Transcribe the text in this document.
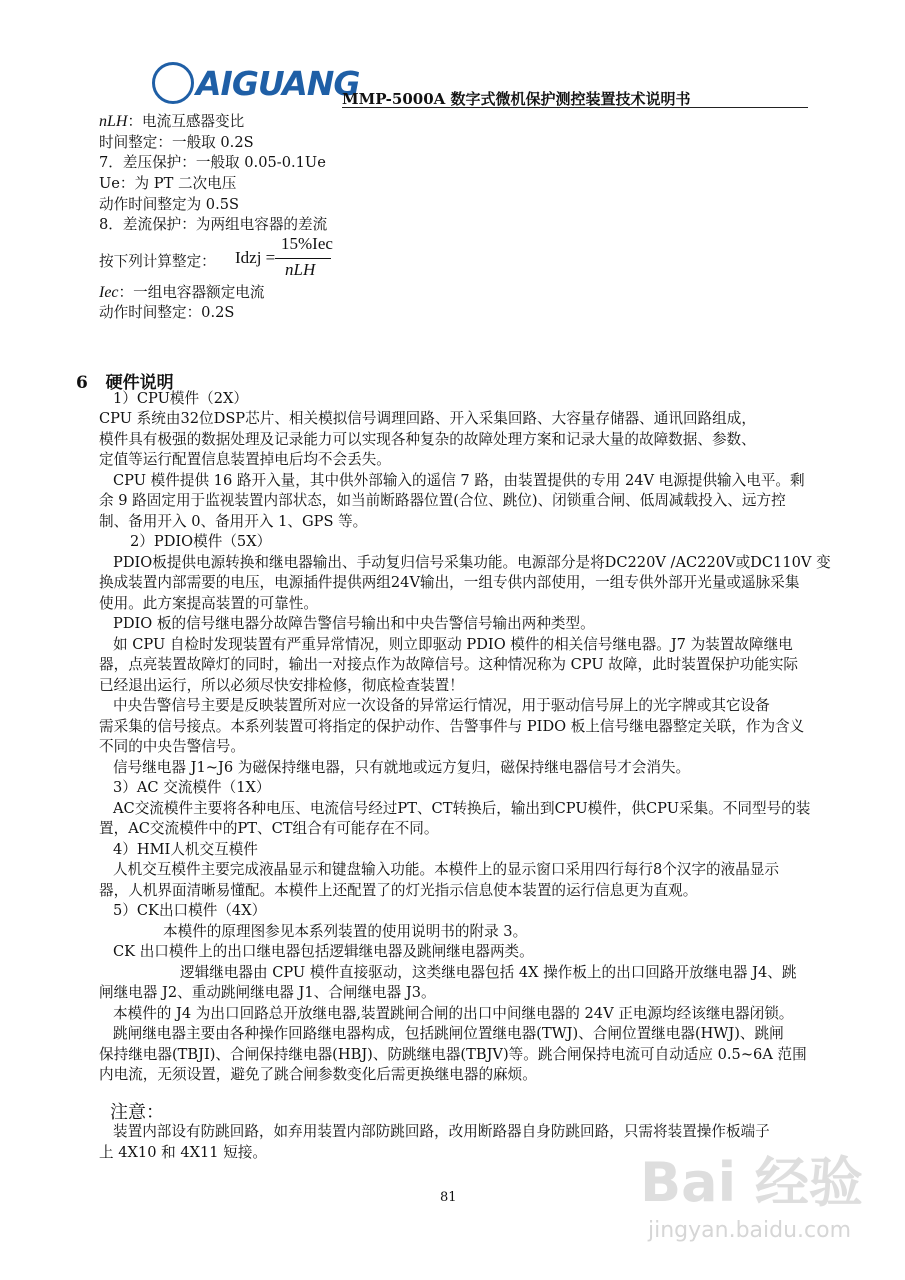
AIGUANG
MMP-5000A 数字式微机保护测控装置技术说明书
nLH：电流互感器变比
时间整定：一般取 0.2S
7．差压保护：一般取 0.05-0.1Ue
Ue：为 PT 二次电压
动作时间整定为 0.5S
8．差流保护：为两组电容器的差流
按下列计算整定： Idzj =
15%Iec
nLH
Iec：一组电容器额定电流
动作时间整定：0.2S
6 硬件说明
1）CPU模件（2X）
CPU 系统由32位DSP芯片、相关模拟信号调理回路、开入采集回路、大容量存储器、通讯回路组成，
模件具有极强的数据处理及记录能力可以实现各种复杂的故障处理方案和记录大量的故障数据、参数、
定值等运行配置信息装置掉电后均不会丢失。
CPU 模件提供 16 路开入量，其中供外部输入的遥信 7 路，由装置提供的专用 24V 电源提供输入电平。剩
余 9 路固定用于监视装置内部状态，如当前断路器位置(合位、跳位)、闭锁重合闸、低周减载投入、远方控
制、备用开入 0、备用开入 1、GPS 等。
2）PDIO模件（5X）
PDIO板提供电源转换和继电器输出、手动复归信号采集功能。电源部分是将DC220V /AC220V或DC110V 变
换成装置内部需要的电压，电源插件提供两组24V输出，一组专供内部使用，一组专供外部开光量或遥脉采集
使用。此方案提高装置的可靠性。
PDIO 板的信号继电器分故障告警信号输出和中央告警信号输出两种类型。
如 CPU 自检时发现装置有严重异常情况，则立即驱动 PDIO 模件的相关信号继电器。J7 为装置故障继电
器，点亮装置故障灯的同时，输出一对接点作为故障信号。这种情况称为 CPU 故障，此时装置保护功能实际
已经退出运行，所以必须尽快安排检修，彻底检查装置！
中央告警信号主要是反映装置所对应一次设备的异常运行情况，用于驱动信号屏上的光字牌或其它设备
需采集的信号接点。本系列装置可将指定的保护动作、告警事件与 PIDO 板上信号继电器整定关联，作为含义
不同的中央告警信号。
信号继电器 J1~J6 为磁保持继电器，只有就地或远方复归，磁保持继电器信号才会消失。
3）AC 交流模件（1X）
AC交流模件主要将各种电压、电流信号经过PT、CT转换后，输出到CPU模件，供CPU采集。不同型号的装
置，AC交流模件中的PT、CT组合有可能存在不同。
4）HMI人机交互模件
人机交互模件主要完成液晶显示和键盘输入功能。本模件上的显示窗口采用四行每行8个汉字的液晶显示
器，人机界面清晰易懂配。本模件上还配置了的灯光指示信息使本装置的运行信息更为直观。
5）CK出口模件（4X）
本模件的原理图参见本系列装置的使用说明书的附录 3。
CK 出口模件上的出口继电器包括逻辑继电器及跳闸继电器两类。
逻辑继电器由 CPU 模件直接驱动，这类继电器包括 4X 操作板上的出口回路开放继电器 J4、跳
闸继电器 J2、重动跳闸继电器 J1、合闸继电器 J3。
本模件的 J4 为出口回路总开放继电器,装置跳闸合闸的出口中间继电器的 24V 正电源均经该继电器闭锁。
跳闸继电器主要由各种操作回路继电器构成，包括跳闸位置继电器(TWJ)、合闸位置继电器(HWJ)、跳闸
保持继电器(TBJI)、合闸保持继电器(HBJ)、防跳继电器(TBJV)等。跳合闸保持电流可自动适应 0.5~6A 范围
内电流，无须设置，避免了跳合闸参数变化后需更换继电器的麻烦。
注意：
装置内部设有防跳回路，如弃用装置内部防跳回路，改用断路器自身防跳回路，只需将装置操作板端子
上 4X10 和 4X11 短接。
81	Bai 经验
jingyan.baidu.com
